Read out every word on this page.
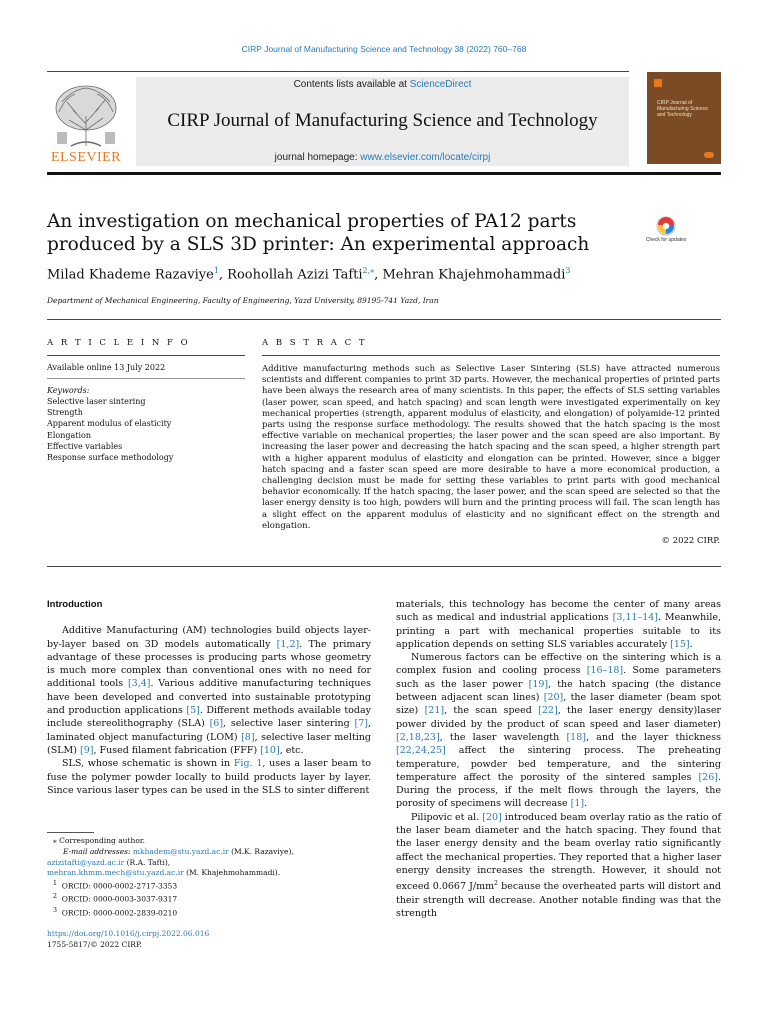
CIRP Journal of Manufacturing Science and Technology 38 (2022) 760–768
ELSEVIER
Contents lists available at ScienceDirect
CIRP Journal of Manufacturing Science and Technology
journal homepage: www.elsevier.com/locate/cirpj
CIRP Journal of Manufacturing Science and Technology
An investigation on mechanical properties of PA12 parts produced by a SLS 3D printer: An experimental approach	Check for updates
Milad Khademe Razaviye$^1$, Roohollah Azizi Tafti$^{2,⁎}$, Mehran Khajehmohammadi$^3$
Department of Mechanical Engineering, Faculty of Engineering, Yazd University, 89195-741 Yazd, Iran
A R T I C L E I N F O	A B S T R A C T
Available online 13 July 2022
Keywords:
Selective laser sintering
Strength
Apparent modulus of elasticity
Elongation
Effective variables
Response surface methodology
Additive manufacturing methods such as Selective Laser Sintering (SLS) have attracted numerous scientists and different companies to print 3D parts. However, the mechanical properties of printed parts have been always the research area of many scientists. In this paper, the effects of SLS setting variables (laser power, scan speed, and hatch spacing) and scan length were investigated experimentally on key mechanical properties (strength, apparent modulus of elasticity, and elongation) of polyamide-12 printed parts using the response surface methodology. The results showed that the hatch spacing is the most effective variable on mechanical properties; the laser power and the scan speed are also important. By increasing the laser power and decreasing the hatch spacing and the scan speed, a higher strength part with a higher apparent modulus of elasticity and elongation can be printed. However, since a bigger hatch spacing and a faster scan speed are more desirable to have a more economical production, a challenging decision must be made for setting these variables to print parts with good mechanical behavior economically. If the hatch spacing, the laser power, and the scan speed are selected so that the laser energy density is too high, powders will burn and the printing process will fail. The scan length has a slight effect on the apparent modulus of elasticity and no significant effect on the strength and elongation.
© 2022 CIRP.
Introduction

Additive Manufacturing (AM) technologies build objects layer-by-layer based on 3D models automatically [1,2]. The primary advantage of these processes is producing parts whose geometry is much more complex than conventional ones with no need for additional tools [3,4]. Various additive manufacturing techniques have been developed and converted into sustainable prototyping and production applications [5]. Different methods available today include stereolithography (SLA) [6], selective laser sintering [7], laminated object manufacturing (LOM) [8], selective laser melting (SLM) [9], Fused filament fabrication (FFF) [10], etc.

SLS, whose schematic is shown in Fig. 1, uses a laser beam to fuse the polymer powder locally to build products layer by layer. Since various laser types can be used in the SLS to sinter different

materials, this technology has become the center of many areas such as medical and industrial applications [3,11–14]. Meanwhile, printing a part with mechanical properties suitable to its application depends on setting SLS variables accurately [15].

Numerous factors can be effective on the sintering which is a complex fusion and cooling process [16–18]. Some parameters such as the laser power [19], the hatch spacing (the distance between adjacent scan lines) [20], the laser diameter (beam spot size) [21], the scan speed [22], the laser energy density)laser power divided by the product of scan speed and laser diameter) [2,18,23], the laser wavelength [18], and the layer thickness [22,24,25] affect the sintering process. The preheating temperature, powder bed temperature, and the sintering temperature affect the porosity of the sintered samples [26]. During the process, if the melt flows through the layers, the porosity of specimens will decrease [1].

Pilipovic et al. [20] introduced beam overlay ratio as the ratio of the laser beam diameter and the hatch spacing. They found that the laser energy density and the beam overlay ratio significantly affect the mechanical properties. They reported that a higher laser energy density increases the strength. However, it should not exceed 0.0667 $J/mm^2$ because the overheated parts will distort and their strength will decrease. Another notable finding was that the strength

⁎ Corresponding author.
E-mail addresses: mkhadem@stu.yazd.ac.ir (M.K. Razaviye),
azizitafti@yazd.ac.ir (R.A. Tafti),
mehran.khmm.mech@stu.yazd.ac.ir (M. Khajehmohammadi).
$^1$ ORCID: 0000-0002-2717-3353
$^2$ ORCID: 0000-0003-3037-9317
$^3$ ORCID: 0000-0002-2839-0210
https://doi.org/10.1016/j.cirpj.2022.06.016
1755-5817/© 2022 CIRP.
